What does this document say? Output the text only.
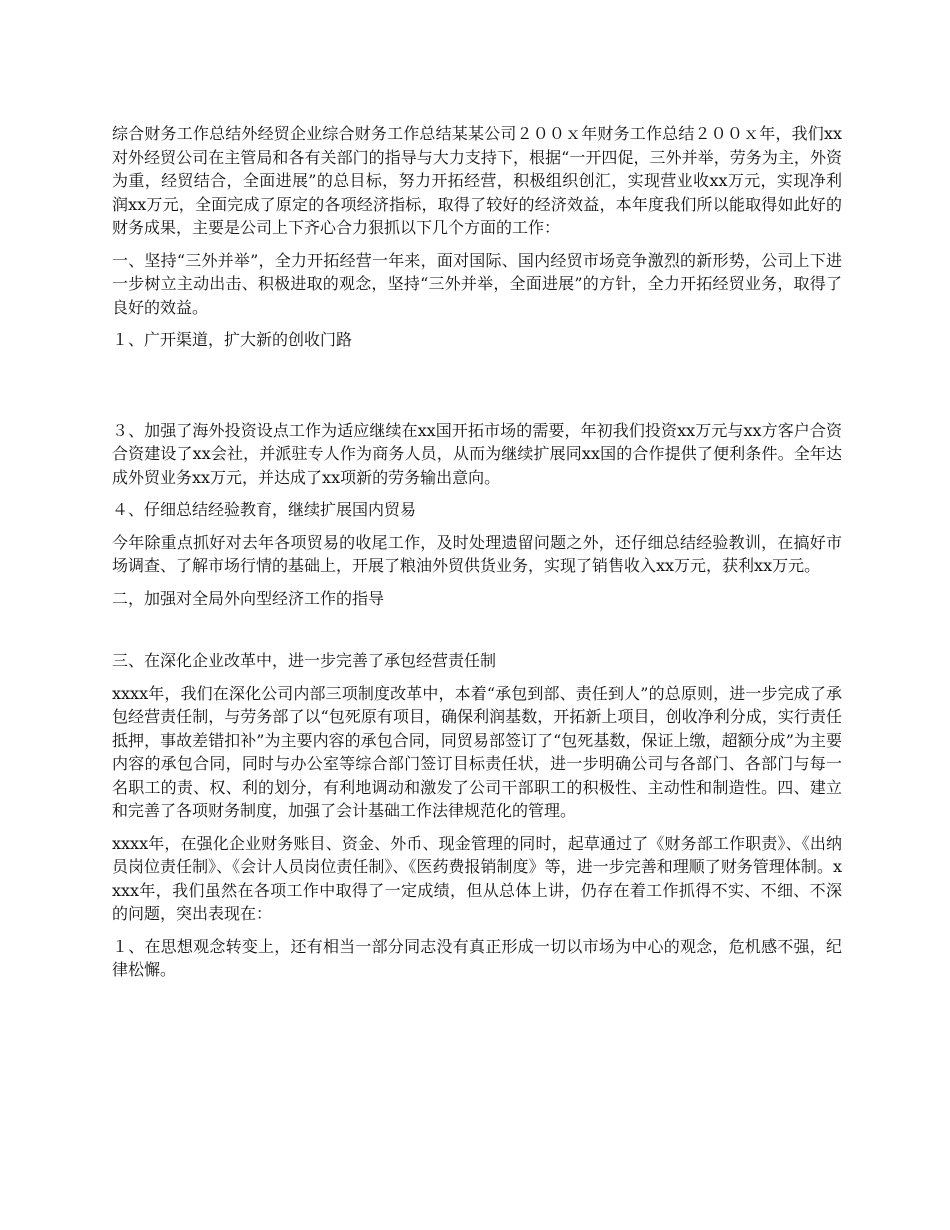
综合财务工作总结外经贸企业综合财务工作总结某某公司２００ｘ年财务工作总结２００ｘ年，我们xx对外经贸公司在主管局和各有关部门的指导与大力支持下，根据“一开四促，三外并举，劳务为主，外资为重，经贸结合，全面进展”的总目标，努力开拓经营，积极组织创汇，实现营业收xx万元，实现净利润xx万元，全面完成了原定的各项经济指标，取得了较好的经济效益，本年度我们所以能取得如此好的财务成果，主要是公司上下齐心合力狠抓以下几个方面的工作：

一、坚持“三外并举”，全力开拓经营一年来，面对国际、国内经贸市场竞争激烈的新形势，公司上下进一步树立主动出击、积极进取的观念，坚持“三外并举，全面进展”的方针，全力开拓经贸业务，取得了良好的效益。

１、广开渠道，扩大新的创收门路

３、加强了海外投资设点工作为适应继续在xx国开拓市场的需要，年初我们投资xx万元与xx方客户合资合资建设了xx会社，并派驻专人作为商务人员，从而为继续扩展同xx国的合作提供了便利条件。全年达成外贸业务xx万元，并达成了xx项新的劳务输出意向。

４、仔细总结经验教育，继续扩展国内贸易

今年除重点抓好对去年各项贸易的收尾工作，及时处理遗留问题之外，还仔细总结经验教训，在搞好市场调查、了解市场行情的基础上，开展了粮油外贸供货业务，实现了销售收入xx万元，获利xx万元。

二，加强对全局外向型经济工作的指导

三、在深化企业改革中，进一步完善了承包经营责任制

xxxx年，我们在深化公司内部三项制度改革中，本着“承包到部、责任到人”的总原则，进一步完成了承包经营责任制，与劳务部了以“包死原有项目，确保利润基数，开拓新上项目，创收净利分成，实行责任抵押，事故差错扣补”为主要内容的承包合同，同贸易部签订了“包死基数，保证上缴，超额分成”为主要内容的承包合同，同时与办公室等综合部门签订目标责任状，进一步明确公司与各部门、各部门与每一名职工的责、权、利的划分，有利地调动和激发了公司干部职工的积极性、主动性和制造性。四、建立和完善了各项财务制度，加强了会计基础工作法律规范化的管理。

xxxx年，在强化企业财务账目、资金、外币、现金管理的同时，起草通过了《财务部工作职责》、《出纳员岗位责任制》、《会计人员岗位责任制》、《医药费报销制度》等，进一步完善和理顺了财务管理体制。xxxx年，我们虽然在各项工作中取得了一定成绩，但从总体上讲，仍存在着工作抓得不实、不细、不深的问题，突出表现在：

１、在思想观念转变上，还有相当一部分同志没有真正形成一切以市场为中心的观念，危机感不强，纪律松懈。
